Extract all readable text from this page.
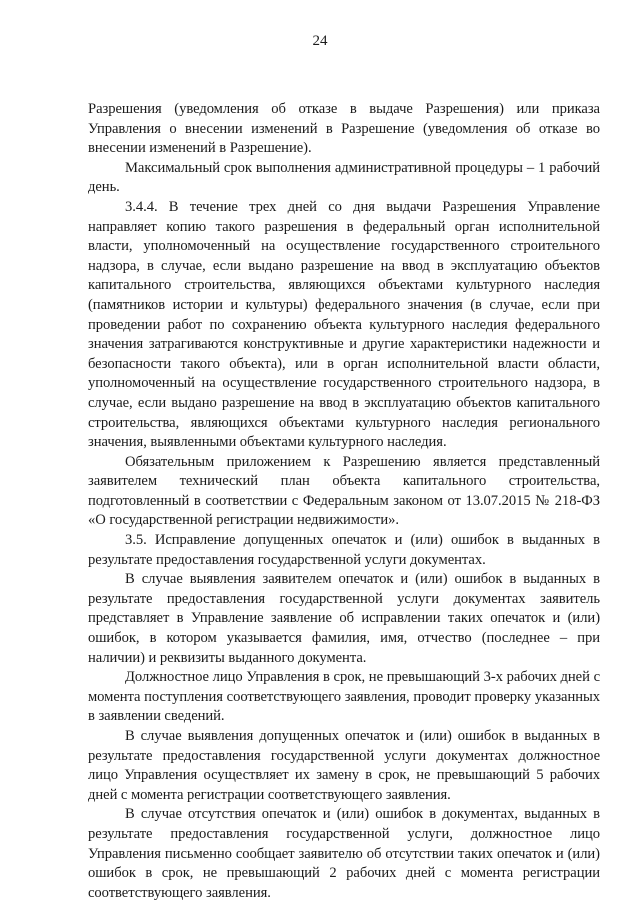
24

Разрешения (уведомления об отказе в выдаче Разрешения) или приказа Управления о внесении изменений в Разрешение (уведомления об отказе во внесении изменений в Разрешение).

Максимальный срок выполнения административной процедуры – 1 рабочий день.

3.4.4. В течение трех дней со дня выдачи Разрешения Управление направляет копию такого разрешения в федеральный орган исполнительной власти, уполномоченный на осуществление государственного строительного надзора, в случае, если выдано разрешение на ввод в эксплуатацию объектов капитального строительства, являющихся объектами культурного наследия (памятников истории и культуры) федерального значения (в случае, если при проведении работ по сохранению объекта культурного наследия федерального значения затрагиваются конструктивные и другие характеристики надежности и безопасности такого объекта), или в орган исполнительной власти области, уполномоченный на осуществление государственного строительного надзора, в случае, если выдано разрешение на ввод в эксплуатацию объектов капитального строительства, являющихся объектами культурного наследия регионального значения, выявленными объектами культурного наследия.

Обязательным приложением к Разрешению является представленный заявителем технический план объекта капитального строительства, подготовленный в соответствии с Федеральным законом от 13.07.2015 № 218-ФЗ «О государственной регистрации недвижимости».

3.5. Исправление допущенных опечаток и (или) ошибок в выданных в результате предоставления государственной услуги документах.

В случае выявления заявителем опечаток и (или) ошибок в выданных в результате предоставления государственной услуги документах заявитель представляет в Управление заявление об исправлении таких опечаток и (или) ошибок, в котором указывается фамилия, имя, отчество (последнее – при наличии) и реквизиты выданного документа.

Должностное лицо Управления в срок, не превышающий 3-х рабочих дней с момента поступления соответствующего заявления, проводит проверку указанных в заявлении сведений.

В случае выявления допущенных опечаток и (или) ошибок в выданных в результате предоставления государственной услуги документах должностное лицо Управления осуществляет их замену в срок, не превышающий 5 рабочих дней с момента регистрации соответствующего заявления.

В случае отсутствия опечаток и (или) ошибок в документах, выданных в результате предоставления государственной услуги, должностное лицо Управления письменно сообщает заявителю об отсутствии таких опечаток и (или) ошибок в срок, не превышающий 2 рабочих дней с момента регистрации соответствующего заявления.
